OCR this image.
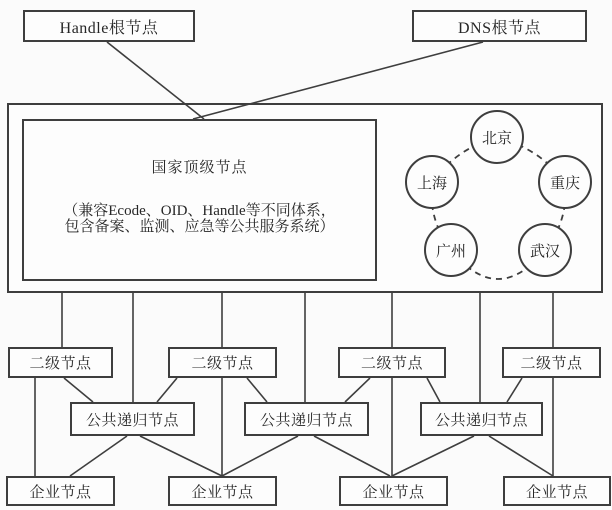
Handle根节点	DNS根节点
国家顶级节点
（兼容Ecode、OID、Handle等不同体系，
包含备案、监测、应急等公共服务系统）
北京
上海	重庆
广州	武汉
二级节点	二级节点	二级节点	二级节点
公共递归节点	公共递归节点	公共递归节点
企业节点	企业节点	企业节点	企业节点
